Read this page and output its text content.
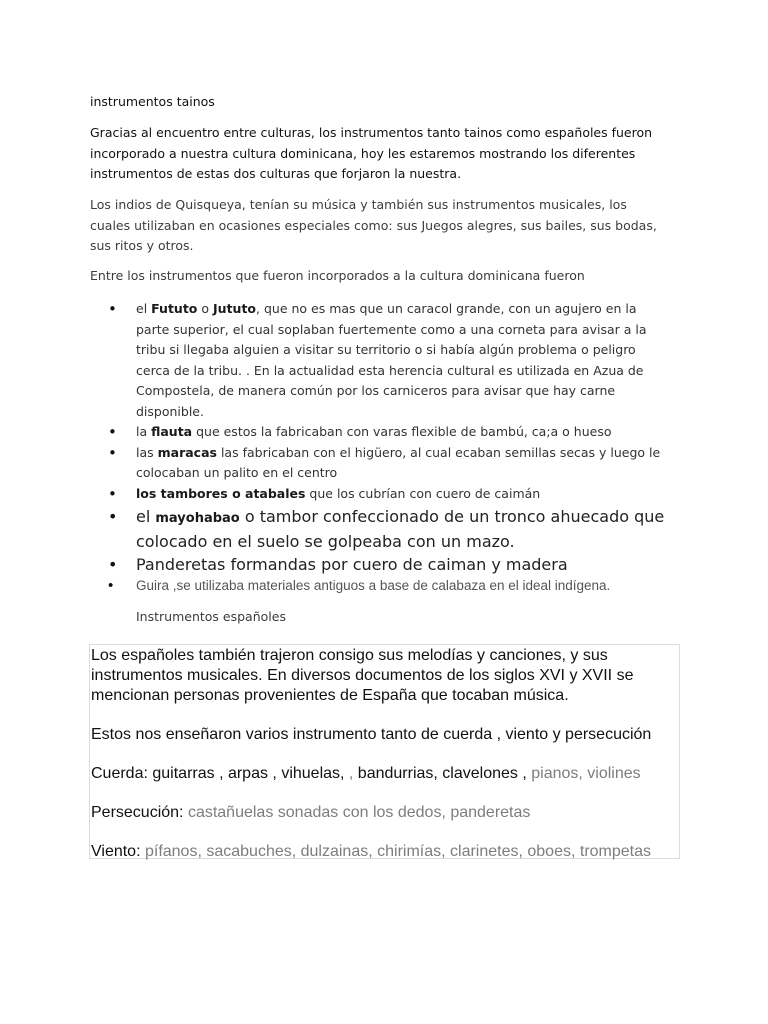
instrumentos tainos

Gracias al encuentro entre culturas, los instrumentos tanto tainos como españoles fueron incorporado a nuestra cultura dominicana, hoy les estaremos mostrando los diferentes instrumentos de estas dos culturas que forjaron la nuestra.

Los indios de Quisqueya, tenían su música y también sus instrumentos musicales, los cuales utilizaban en ocasiones especiales como: sus Juegos alegres, sus bailes, sus bodas, sus ritos y otros.

Entre los instrumentos que fueron incorporados a la cultura dominicana fueron

• el Fututo o Jututo, que no es mas que un caracol grande, con un agujero en la parte superior, el cual soplaban fuertemente como a una corneta para avisar a la tribu si llegaba alguien a visitar su territorio o si había algún problema o peligro cerca de la tribu. . En la actualidad esta herencia cultural es utilizada en Azua de Compostela, de manera común por los carniceros para avisar que hay carne disponible.
• la flauta que estos la fabricaban con varas flexible de bambú, ca;a o hueso
• las maracas las fabricaban con el higüero, al cual ecaban semillas secas y luego le colocaban un palito en el centro
• los tambores o atabales que los cubrían con cuero de caimán
• el mayohabao o tambor confeccionado de un tronco ahuecado que colocado en el suelo se golpeaba con un mazo.
• Panderetas formandas por cuero de caiman y madera
• Guira ,se utilizaba materiales antiguos a base de calabaza en el ideal indígena.

Instrumentos españoles

Los españoles también trajeron consigo sus melodías y canciones, y sus instrumentos musicales. En diversos documentos de los siglos XVI y XVII se mencionan personas provenientes de España que tocaban música.

Estos nos enseñaron varios instrumento tanto de cuerda , viento y persecución

Cuerda: guitarras , arpas , vihuelas, , bandurrias, clavelones , pianos, violines

Persecución: castañuelas sonadas con los dedos, panderetas

Viento: pífanos, sacabuches, dulzainas, chirimías, clarinetes, oboes, trompetas
